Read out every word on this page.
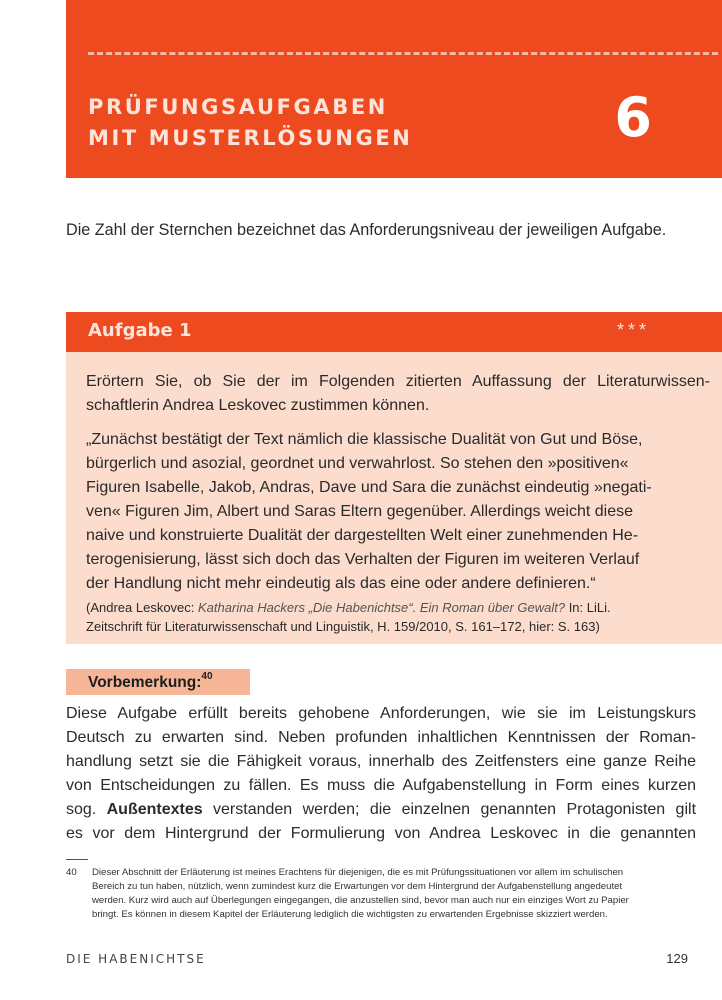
PRÜFUNGSAUFGABEN
MIT MUSTERLÖSUNGEN	6
Die Zahl der Sternchen bezeichnet das Anforderungsniveau der jeweiligen Aufgabe.
Aufgabe 1	***
Erörtern Sie, ob Sie der im Folgenden zitierten Auffassung der Literaturwissen-schaftlerin Andrea Leskovec zustimmen können.
„Zunächst bestätigt der Text nämlich die klassische Dualität von Gut und Böse,
bürgerlich und asozial, geordnet und verwahrlost. So stehen den »positiven«
Figuren Isabelle, Jakob, Andras, Dave und Sara die zunächst eindeutig »negati-
ven« Figuren Jim, Albert und Saras Eltern gegenüber. Allerdings weicht diese
naive und konstruierte Dualität der dargestellten Welt einer zunehmenden He-
terogenisierung, lässt sich doch das Verhalten der Figuren im weiteren Verlauf
der Handlung nicht mehr eindeutig als das eine oder andere definieren.“
(Andrea Leskovec: Katharina Hackers „Die Habenichtse“. Ein Roman über Gewalt? In: LiLi.
Zeitschrift für Literaturwissenschaft und Linguistik, H. 159/2010, S. 161–172, hier: S. 163)
Vorbemerkung:$^{40}$
Diese Aufgabe erfüllt bereits gehobene Anforderungen, wie sie im Leistungskurs
Deutsch zu erwarten sind. Neben profunden inhaltlichen Kenntnissen der Roman-
handlung setzt sie die Fähigkeit voraus, innerhalb des Zeitfensters eine ganze Reihe
von Entscheidungen zu fällen. Es muss die Aufgabenstellung in Form eines kurzen
sog. Außentextes verstanden werden; die einzelnen genannten Protagonisten gilt
es vor dem Hintergrund der Formulierung von Andrea Leskovec in die genannten
40 Dieser Abschnitt der Erläuterung ist meines Erachtens für diejenigen, die es mit Prüfungssituationen vor allem im schulischen
Bereich zu tun haben, nützlich, wenn zumindest kurz die Erwartungen vor dem Hintergrund der Aufgabenstellung angedeutet
werden. Kurz wird auch auf Überlegungen eingegangen, die anzustellen sind, bevor man auch nur ein einziges Wort zu Papier
bringt. Es können in diesem Kapitel der Erläuterung lediglich die wichtigsten zu erwartenden Ergebnisse skizziert werden.
DIE HABENICHTSE	129
